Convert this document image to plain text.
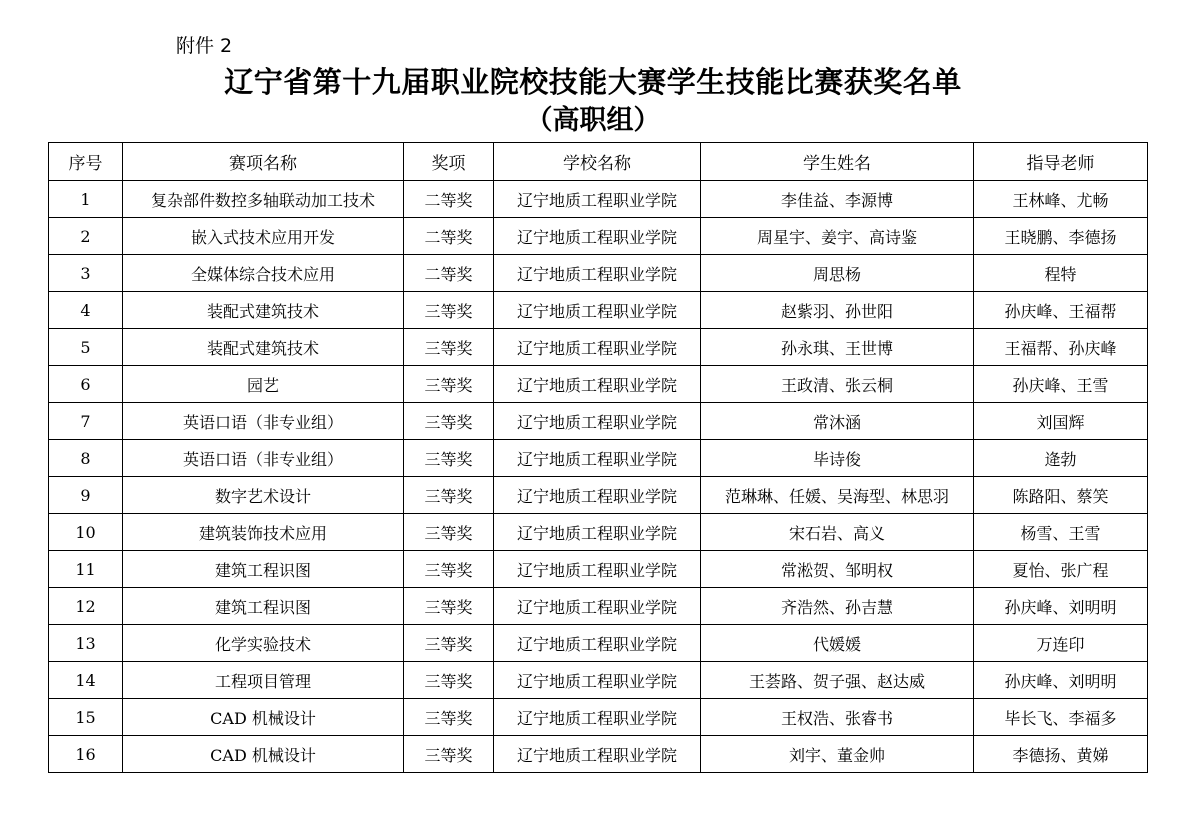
附件 2
辽宁省第十九届职业院校技能大赛学生技能比赛获奖名单
（高职组）
序号	赛项名称	奖项	学校名称	学生姓名	指导老师
1	复杂部件数控多轴联动加工技术	二等奖	辽宁地质工程职业学院	李佳益、李源博	王林峰、尤畅
2	嵌入式技术应用开发	二等奖	辽宁地质工程职业学院	周星宇、姜宇、高诗鉴	王晓鹏、李德扬
3	全媒体综合技术应用	二等奖	辽宁地质工程职业学院	周思杨	程特
4	装配式建筑技术	三等奖	辽宁地质工程职业学院	赵紫羽、孙世阳	孙庆峰、王福帮
5	装配式建筑技术	三等奖	辽宁地质工程职业学院	孙永琪、王世博	王福帮、孙庆峰
6	园艺	三等奖	辽宁地质工程职业学院	王政清、张云桐	孙庆峰、王雪
7	英语口语（非专业组）	三等奖	辽宁地质工程职业学院	常沐涵	刘国辉
8	英语口语（非专业组）	三等奖	辽宁地质工程职业学院	毕诗俊	逄勃
9	数字艺术设计	三等奖	辽宁地质工程职业学院	范琳琳、任媛、吴海型、林思羽	陈路阳、蔡笑
10	建筑装饰技术应用	三等奖	辽宁地质工程职业学院	宋石岩、高义	杨雪、王雪
11	建筑工程识图	三等奖	辽宁地质工程职业学院	常淞贺、邹明权	夏怡、张广程
12	建筑工程识图	三等奖	辽宁地质工程职业学院	齐浩然、孙吉慧	孙庆峰、刘明明
13	化学实验技术	三等奖	辽宁地质工程职业学院	代媛媛	万连印
14	工程项目管理	三等奖	辽宁地质工程职业学院	王荟路、贺子强、赵达威	孙庆峰、刘明明
15	CAD 机械设计	三等奖	辽宁地质工程职业学院	王权浩、张睿书	毕长飞、李福多
16	CAD 机械设计	三等奖	辽宁地质工程职业学院	刘宇、董金帅	李德扬、黄娣
